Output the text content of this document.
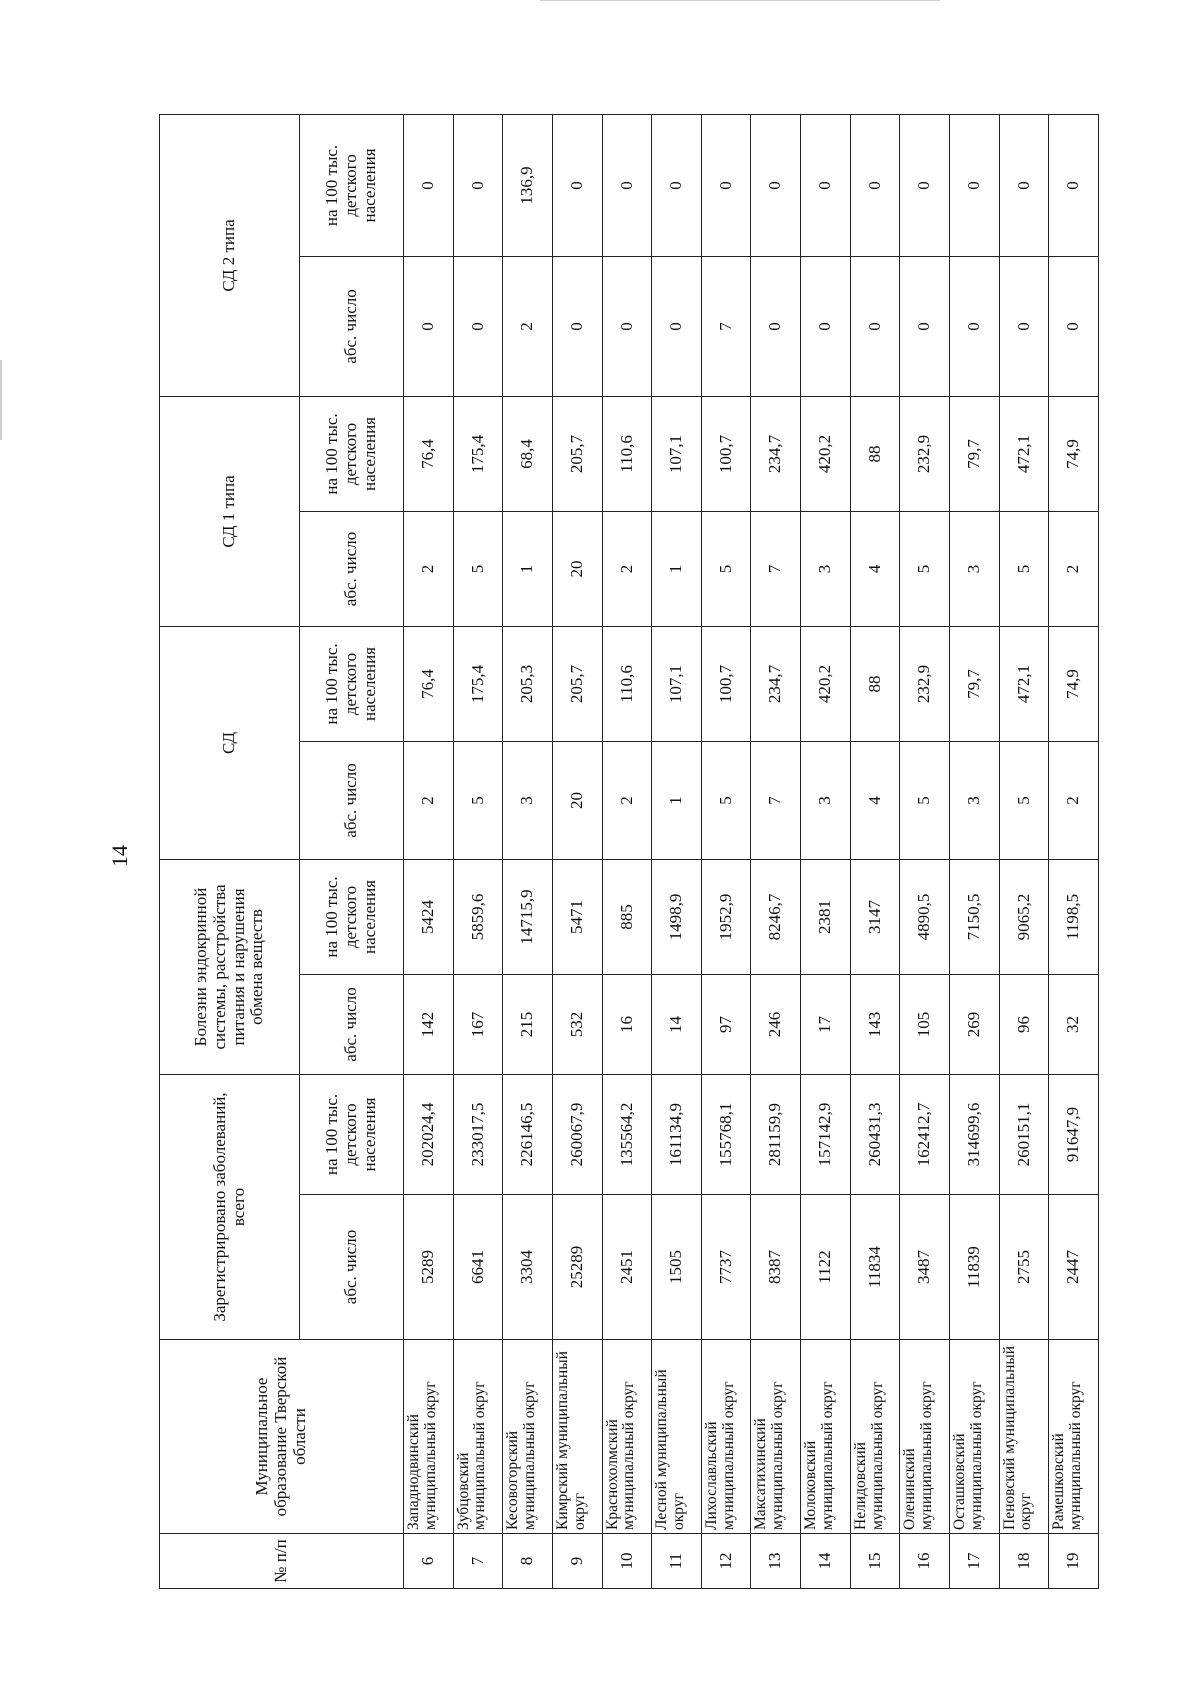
14
№ п/п	Муниципальное образование Тверской области	Зарегистрировано заболеваний, всего		Болезни эндокринной системы, расстройства питания и нарушения обмена веществ		СД		СД 1 типа		СД 2 типа	
		абс. число	на 100 тыс. детского населения	абс. число	на 100 тыс. детского населения	абс. число	на 100 тыс. детского населения	абс. число	на 100 тыс. детского населения	абс. число	на 100 тыс. детского населения
6	Западнодвинский муниципальный округ	5289	202024,4	142	5424	2	76,4	2	76,4	0	0
7	Зубцовский муниципальный округ	6641	233017,5	167	5859,6	5	175,4	5	175,4	0	0
8	Кесовогорский муниципальный округ	3304	226146,5	215	14715,9	3	205,3	1	68,4	2	136,9
9	Кимрский муниципальный округ	25289	260067,9	532	5471	20	205,7	20	205,7	0	0
10	Краснохолмский муниципальный округ	2451	135564,2	16	885	2	110,6	2	110,6	0	0
11	Лесной муниципальный округ	1505	161134,9	14	1498,9	1	107,1	1	107,1	0	0
12	Лихославльский муниципальный округ	7737	155768,1	97	1952,9	5	100,7	5	100,7	7	0
13	Максатихинский муниципальный округ	8387	281159,9	246	8246,7	7	234,7	7	234,7	0	0
14	Молоковский муниципальный округ	1122	157142,9	17	2381	3	420,2	3	420,2	0	0
15	Нелидовский муниципальный округ	11834	260431,3	143	3147	4	88	4	88	0	0
16	Оленинский муниципальный округ	3487	162412,7	105	4890,5	5	232,9	5	232,9	0	0
17	Осташковский муниципальный округ	11839	314699,6	269	7150,5	3	79,7	3	79,7	0	0
18	Пеновский муниципальный округ	2755	260151,1	96	9065,2	5	472,1	5	472,1	0	0
19	Рамешковский муниципальный округ	2447	91647,9	32	1198,5	2	74,9	2	74,9	0	0
